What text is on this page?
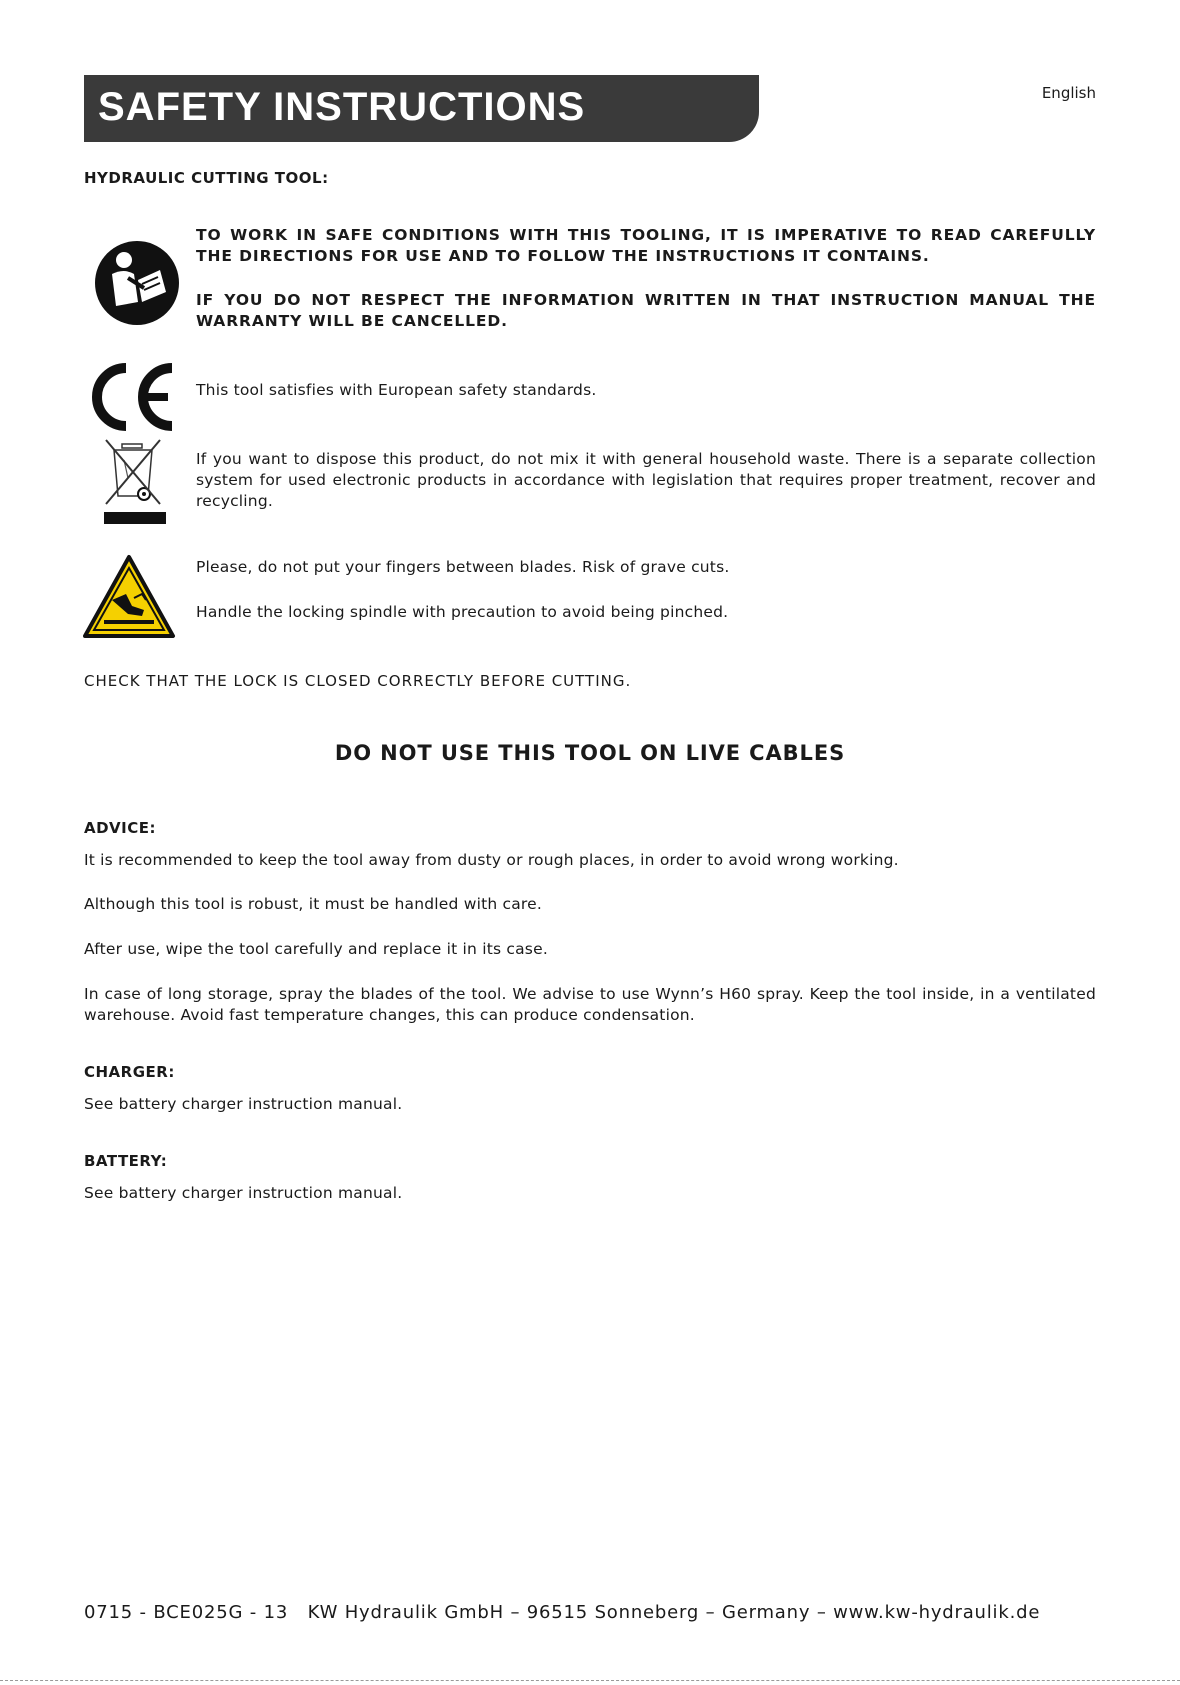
SAFETY INSTRUCTIONS	English
HYDRAULIC CUTTING TOOL:
TO WORK IN SAFE CONDITIONS WITH THIS TOOLING, IT IS IMPERATIVE TO READ CAREFULLY THE DIRECTIONS FOR USE AND TO FOLLOW THE INSTRUCTIONS IT CONTAINS.
IF YOU DO NOT RESPECT THE INFORMATION WRITTEN IN THAT INSTRUCTION MANUAL THE WARRANTY WILL BE CANCELLED.
This tool satisfies with European safety standards.
If you want to dispose this product, do not mix it with general household waste. There is a separate collection system for used electronic products in accordance with legislation that requires proper treatment, recover and recycling.
Please, do not put your fingers between blades. Risk of grave cuts.
Handle the locking spindle with precaution to avoid being pinched.
CHECK THAT THE LOCK IS CLOSED CORRECTLY BEFORE CUTTING.
DO NOT USE THIS TOOL ON LIVE CABLES
ADVICE:
It is recommended to keep the tool away from dusty or rough places, in order to avoid wrong working.
Although this tool is robust, it must be handled with care.
After use, wipe the tool carefully and replace it in its case.
In case of long storage, spray the blades of the tool. We advise to use Wynn’s H60 spray. Keep the tool inside, in a ventilated warehouse. Avoid fast temperature changes, this can produce condensation.
CHARGER:
See battery charger instruction manual.
BATTERY:
See battery charger instruction manual.
0715 - BCE025G - 13   KW Hydraulik GmbH – 96515 Sonneberg – Germany – www.kw-hydraulik.de
